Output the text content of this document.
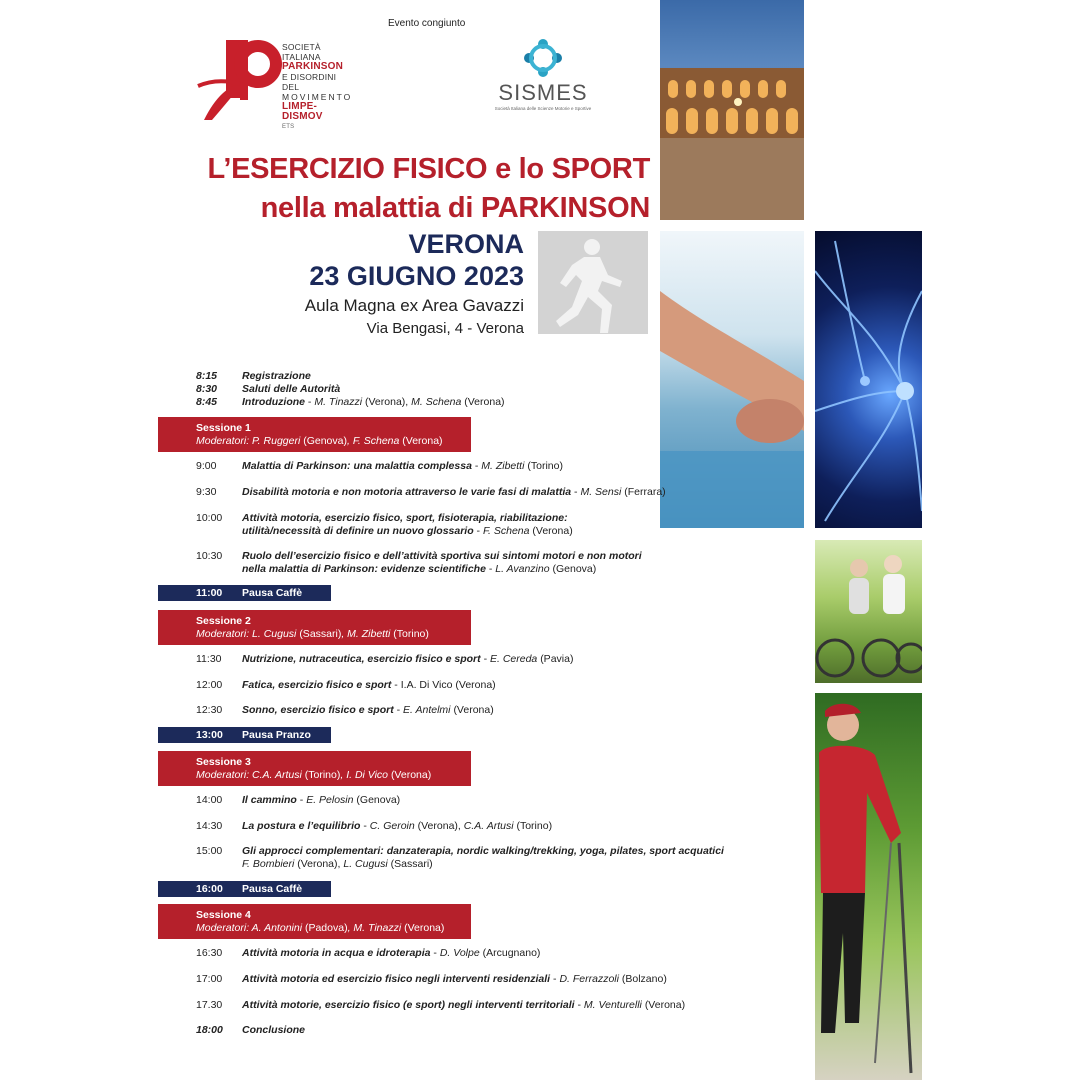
Evento congiunto
SOCIETÀ ITALIANA
PARKINSON
E DISORDINI DEL
MOVIMENTO
LIMPE-DISMOV
ETS
SISMES
Società Italiana delle Scienze Motorie e Sportive
L’ESERCIZIO FISICO e lo SPORT
nella malattia di PARKINSON
VERONA
23 GIUGNO 2023
Aula Magna ex Area Gavazzi
Via Bengasi, 4 - Verona
8:15 Registrazione
8:30 Saluti delle Autorità
8:45 Introduzione - M. Tinazzi (Verona), M. Schena (Verona)
Sessione 1
Moderatori: P. Ruggeri (Genova), F. Schena (Verona)
9:00 Malattia di Parkinson: una malattia complessa - M. Zibetti (Torino)
9:30 Disabilità motoria e non motoria attraverso le varie fasi di malattia - M. Sensi (Ferrara)
10:00 Attività motoria, esercizio fisico, sport, fisioterapia, riabilitazione:
utilità/necessità di definire un nuovo glossario - F. Schena (Verona)
10:30 Ruolo dell’esercizio fisico e dell’attività sportiva sui sintomi motori e non motori
nella malattia di Parkinson: evidenze scientifiche - L. Avanzino (Genova)
11:00 Pausa Caffè
Sessione 2
Moderatori: L. Cugusi (Sassari), M. Zibetti (Torino)
11:30 Nutrizione, nutraceutica, esercizio fisico e sport - E. Cereda (Pavia)
12:00 Fatica, esercizio fisico e sport - I.A. Di Vico (Verona)
12:30 Sonno, esercizio fisico e sport - E. Antelmi (Verona)
13:00 Pausa Pranzo
Sessione 3
Moderatori: C.A. Artusi (Torino), I. Di Vico (Verona)
14:00 Il cammino - E. Pelosin (Genova)
14:30 La postura e l’equilibrio - C. Geroin (Verona), C.A. Artusi (Torino)
15:00 Gli approcci complementari: danzaterapia, nordic walking/trekking, yoga, pilates, sport acquatici
F. Bombieri (Verona), L. Cugusi (Sassari)
16:00 Pausa Caffè
Sessione 4
Moderatori: A. Antonini (Padova), M. Tinazzi (Verona)
16:30 Attività motoria in acqua e idroterapia - D. Volpe (Arcugnano)
17:00 Attività motoria ed esercizio fisico negli interventi residenziali - D. Ferrazzoli (Bolzano)
17.30 Attività motorie, esercizio fisico (e sport) negli interventi territoriali - M. Venturelli (Verona)
18:00 Conclusione
